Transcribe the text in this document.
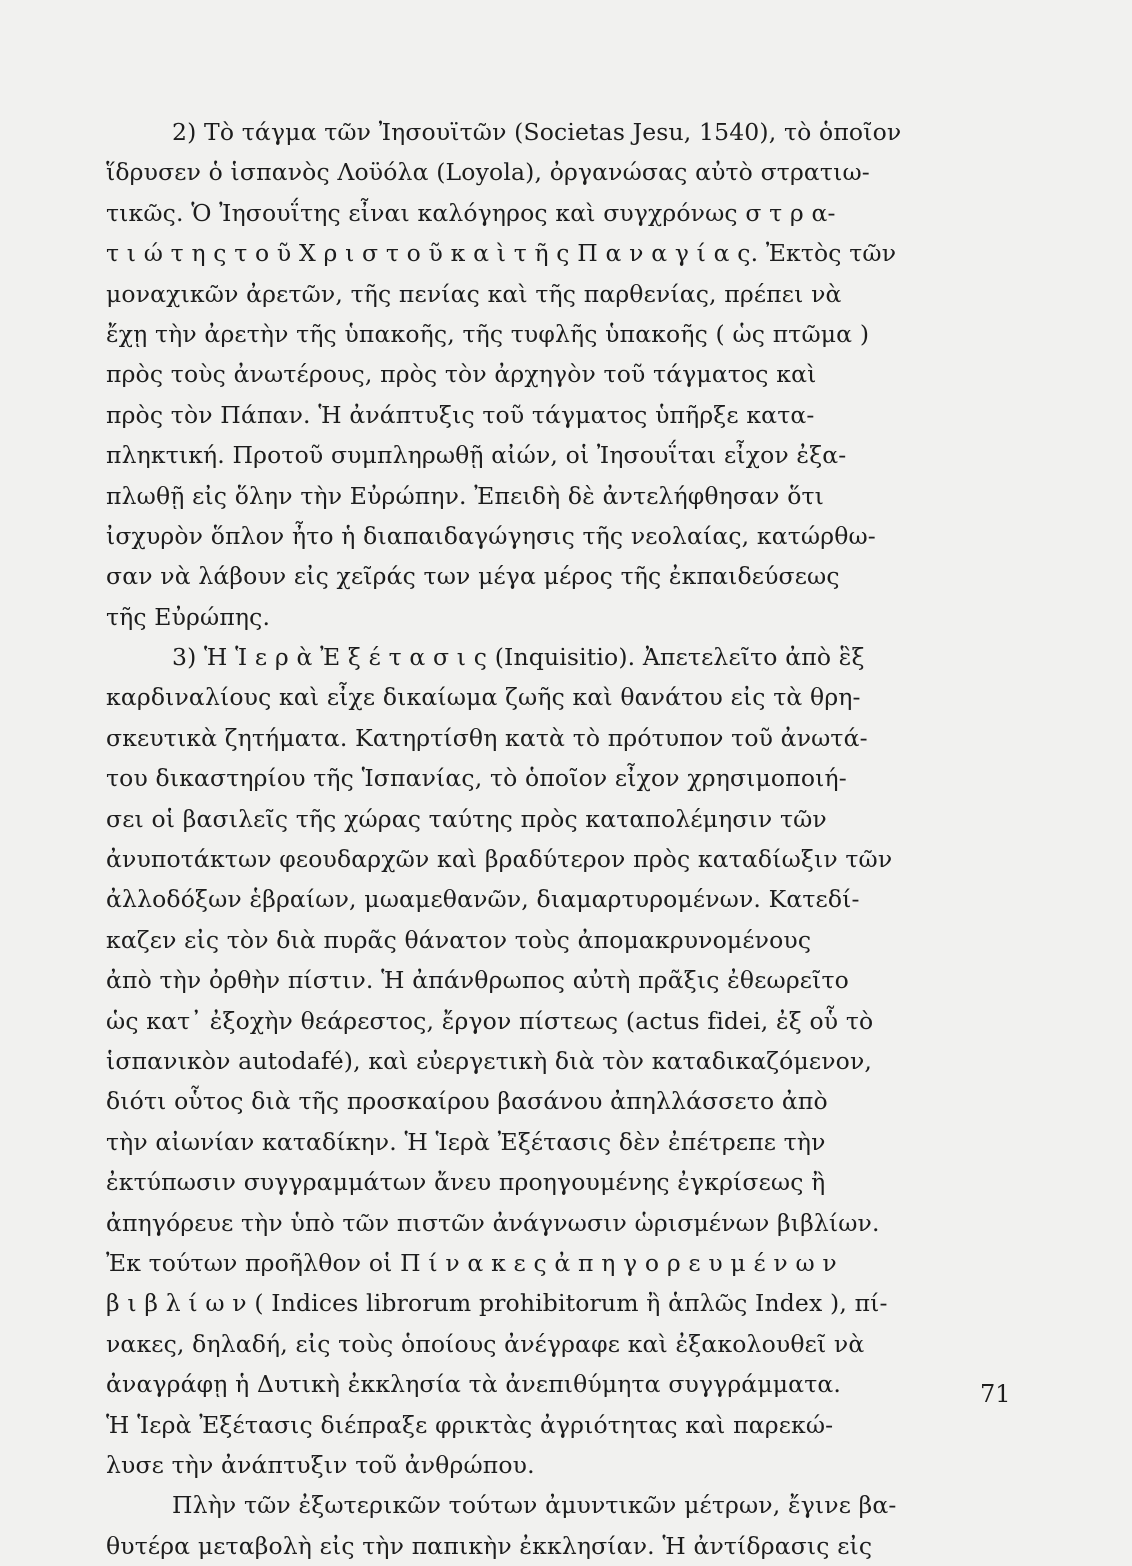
2) Τὸ τάγμα τῶν Ἰησουϊτῶν (Societas Jesu, 1540), τὸ ὁποῖον
ἵδρυσεν ὁ ἱσπανὸς Λοϋόλα (Loyola), ὀργανώσας αὐτὸ στρατιω-
τικῶς. Ὁ Ἰησουΐτης εἶναι καλόγηρος καὶ συγχρόνως σ τ ρ α-
τ ι ώ τ η ς τ ο ῦ Χ ρ ι σ τ ο ῦ κ α ὶ τ ῆ ς Π α ν α γ ί α ς. Ἐκτὸς τῶν
μοναχικῶν ἀρετῶν, τῆς πενίας καὶ τῆς παρθενίας, πρέπει νὰ
ἔχῃ τὴν ἀρετὴν τῆς ὑπακοῆς, τῆς τυφλῆς ὑπακοῆς ( ὡς πτῶμα )
πρὸς τοὺς ἀνωτέρους, πρὸς τὸν ἀρχηγὸν τοῦ τάγματος καὶ
πρὸς τὸν Πάπαν. Ἡ ἀνάπτυξις τοῦ τάγματος ὑπῆρξε κατα-
πληκτική. Προτοῦ συμπληρωθῇ αἰών, οἱ Ἰησουΐται εἶχον ἐξα-
πλωθῇ εἰς ὅλην τὴν Εὐρώπην. Ἐπειδὴ δὲ ἀντελήφθησαν ὅτι
ἰσχυρὸν ὅπλον ἦτο ἡ διαπαιδαγώγησις τῆς νεολαίας, κατώρθω-
σαν νὰ λάβουν εἰς χεῖράς των μέγα μέρος τῆς ἐκπαιδεύσεως
τῆς Εὐρώπης.
3) Ἡ Ἱ ε ρ ὰ Ἐ ξ έ τ α σ ι ς (Inquisitio). Ἀπετελεῖτο ἀπὸ ἓξ
καρδιναλίους καὶ εἶχε δικαίωμα ζωῆς καὶ θανάτου εἰς τὰ θρη-
σκευτικὰ ζητήματα. Κατηρτίσθη κατὰ τὸ πρότυπον τοῦ ἀνωτά-
του δικαστηρίου τῆς Ἱσπανίας, τὸ ὁποῖον εἶχον χρησιμοποιή-
σει οἱ βασιλεῖς τῆς χώρας ταύτης πρὸς καταπολέμησιν τῶν
ἀνυποτάκτων φεουδαρχῶν καὶ βραδύτερον πρὸς καταδίωξιν τῶν
ἀλλοδόξων ἑβραίων, μωαμεθανῶν, διαμαρτυρομένων. Κατεδί-
καζεν εἰς τὸν διὰ πυρᾶς θάνατον τοὺς ἀπομακρυνομένους
ἀπὸ τὴν ὀρθὴν πίστιν. Ἡ ἀπάνθρωπος αὐτὴ πρᾶξις ἐθεωρεῖτο
ὡς κατ᾽ ἐξοχὴν θεάρεστος, ἔργον πίστεως (actus fidei, ἐξ οὗ τὸ
ἱσπανικὸν autodafé), καὶ εὐεργετικὴ διὰ τὸν καταδικαζόμενον,
διότι οὗτος διὰ τῆς προσκαίρου βασάνου ἀπηλλάσσετο ἀπὸ
τὴν αἰωνίαν καταδίκην. Ἡ Ἱερὰ Ἐξέτασις δὲν ἐπέτρεπε τὴν
ἐκτύπωσιν συγγραμμάτων ἄνευ προηγουμένης ἐγκρίσεως ἢ
ἀπηγόρευε τὴν ὑπὸ τῶν πιστῶν ἀνάγνωσιν ὡρισμένων βιβλίων.
Ἐκ τούτων προῆλθον οἱ Π ί ν α κ ε ς ἀ π η γ ο ρ ε υ μ έ ν ω ν
β ι β λ ί ω ν ( Indices librorum prohibitorum ἢ ἁπλῶς Index ), πί-
νακες, δηλαδή, εἰς τοὺς ὁποίους ἀνέγραφε καὶ ἐξακολουθεῖ νὰ
ἀναγράφῃ ἡ Δυτικὴ ἐκκλησία τὰ ἀνεπιθύμητα συγγράμματα.
Ἡ Ἱερὰ Ἐξέτασις διέπραξε φρικτὰς ἀγριότητας καὶ παρεκώ-
λυσε τὴν ἀνάπτυξιν τοῦ ἀνθρώπου.
Πλὴν τῶν ἐξωτερικῶν τούτων ἀμυντικῶν μέτρων, ἔγινε βα-
θυτέρα μεταβολὴ εἰς τὴν παπικὴν ἐκκλησίαν. Ἡ ἀντίδρασις εἰς
71
